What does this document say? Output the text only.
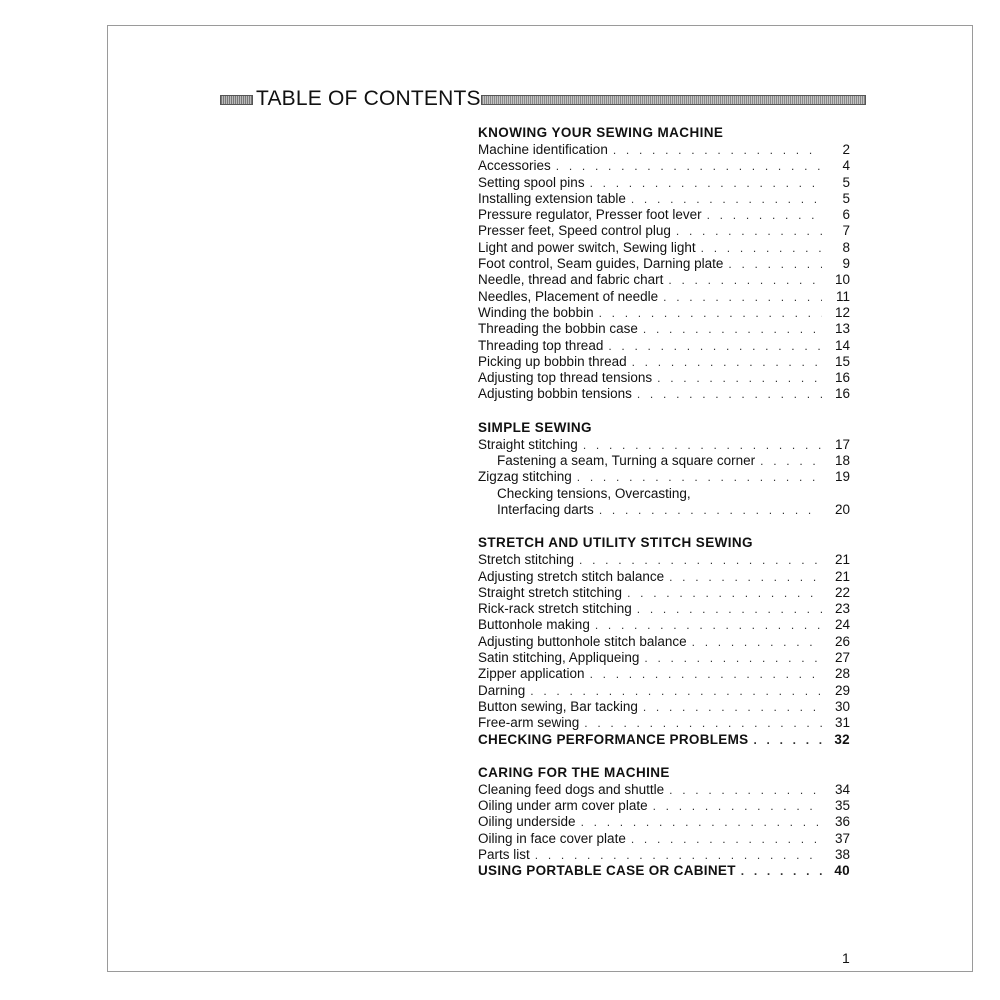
TABLE OF CONTENTS
KNOWING YOUR SEWING MACHINE
Machine identification . . .	2
Accessories . . .	4
Setting spool pins . . .	5
Installing extension table . . .	5
Pressure regulator, Presser foot lever . . .	6
Presser feet, Speed control plug . . .	7
Light and power switch, Sewing light . . .	8
Foot control, Seam guides, Darning plate . . .	9
Needle, thread and fabric chart . . .	10
Needles, Placement of needle . . .	11
Winding the bobbin . . .	12
Threading the bobbin case . . .	13
Threading top thread . . .	14
Picking up bobbin thread . . .	15
Adjusting top thread tensions . . .	16
Adjusting bobbin tensions . . .	16
SIMPLE SEWING
Straight stitching . . .	17
Fastening a seam, Turning a square corner . . .	18
Zigzag stitching . . .	19
Checking tensions, Overcasting,
Interfacing darts . . .	20
STRETCH AND UTILITY STITCH SEWING
Stretch stitching . . .	21
Adjusting stretch stitch balance . . .	21
Straight stretch stitching . . .	22
Rick-rack stretch stitching . . .	23
Buttonhole making . . .	24
Adjusting buttonhole stitch balance . . .	26
Satin stitching, Appliqueing . . .	27
Zipper application . . .	28
Darning . . .	29
Button sewing, Bar tacking . . .	30
Free-arm sewing . . .	31
CHECKING PERFORMANCE PROBLEMS . . .	32
CARING FOR THE MACHINE
Cleaning feed dogs and shuttle . . .	34
Oiling under arm cover plate . . .	35
Oiling underside . . .	36
Oiling in face cover plate . . .	37
Parts list . . .	38
USING PORTABLE CASE OR CABINET . . .	40
1
